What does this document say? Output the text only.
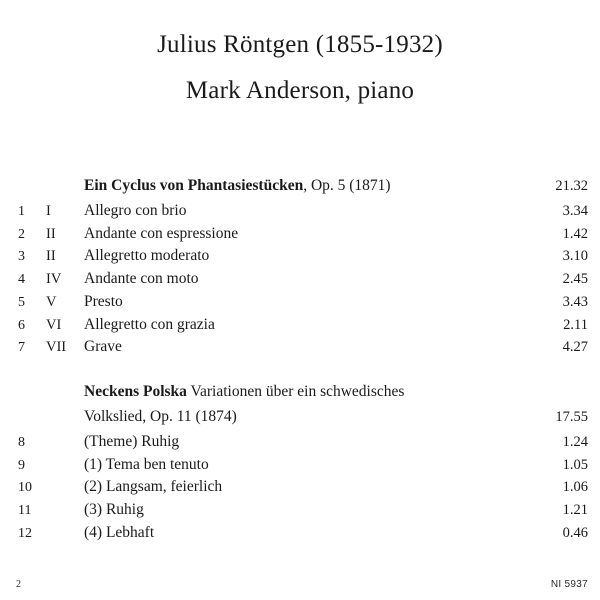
Julius Röntgen (1855-1932)
Mark Anderson, piano
Ein Cyclus von Phantasiestücken, Op. 5 (1871)	21.32
1	I	Allegro con brio	3.34
2	II	Andante con espressione	1.42
3	II	Allegretto moderato	3.10
4	IV	Andante con moto	2.45
5	V	Presto	3.43
6	VI	Allegretto con grazia	2.11
7	VII	Grave	4.27
Neckens Polska Variationen über ein schwedisches
Volkslied, Op. 11 (1874)	17.55
8	(Theme) Ruhig	1.24
9	(1) Tema ben tenuto	1.05
10	(2) Langsam, feierlich	1.06
11	(3) Ruhig	1.21
12	(4) Lebhaft	0.46
2	NI 5937
